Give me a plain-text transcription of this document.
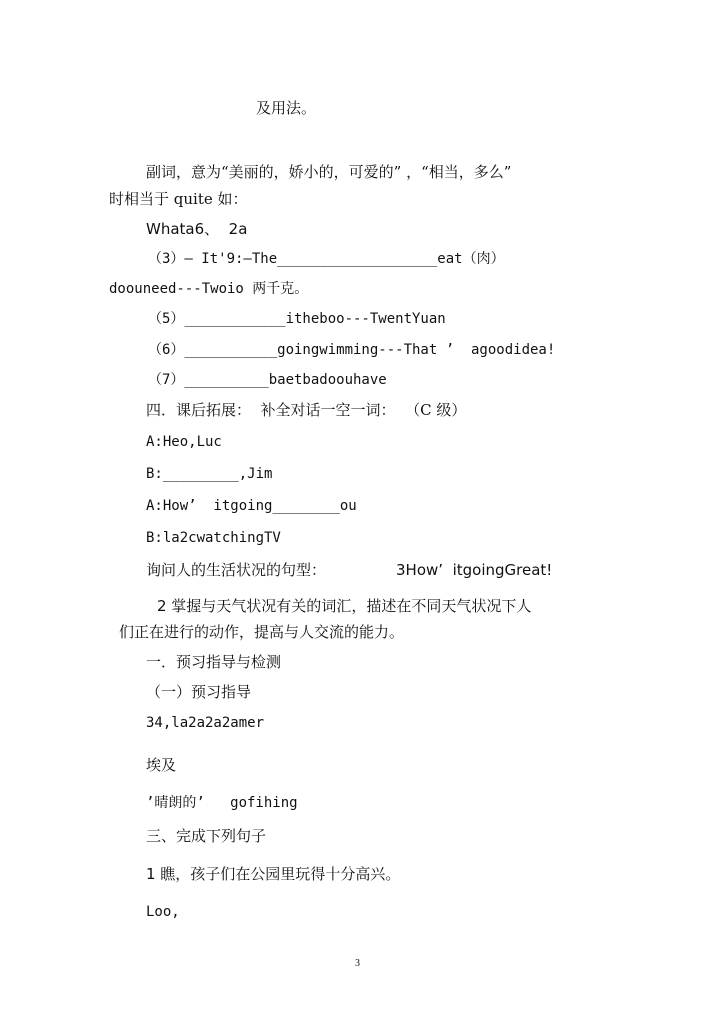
及用法。
副词，意为“美丽的，娇小的，可爱的” ，“相当，多么”
时相当于 quite 如：
Whata6、  2a
（3）— It'9:—The___________________eat（肉）
doouneed---Twoio 两千克。
（5）____________itheboo---TwentYuan
（6）___________goingwimming---That ’  agoodidea!
（7）__________baetbadoouhave
四．课后拓展：  补全对话一空一词：  （C 级）
A:Heo,Luc
B:_________,Jim
A:How’  itgoing________ou
B:la2cwatchingTV
询问人的生活状况的句型：	3How’  itgoingGreat!
2 掌握与天气状况有关的词汇，描述在不同天气状况下人
们正在进行的动作，提高与人交流的能力。
一．预习指导与检测
（一）预习指导
34,la2a2a2amer
埃及
’晴朗的’   gofihing
三、完成下列句子
1 瞧，孩子们在公园里玩得十分高兴。
Loo,
3
